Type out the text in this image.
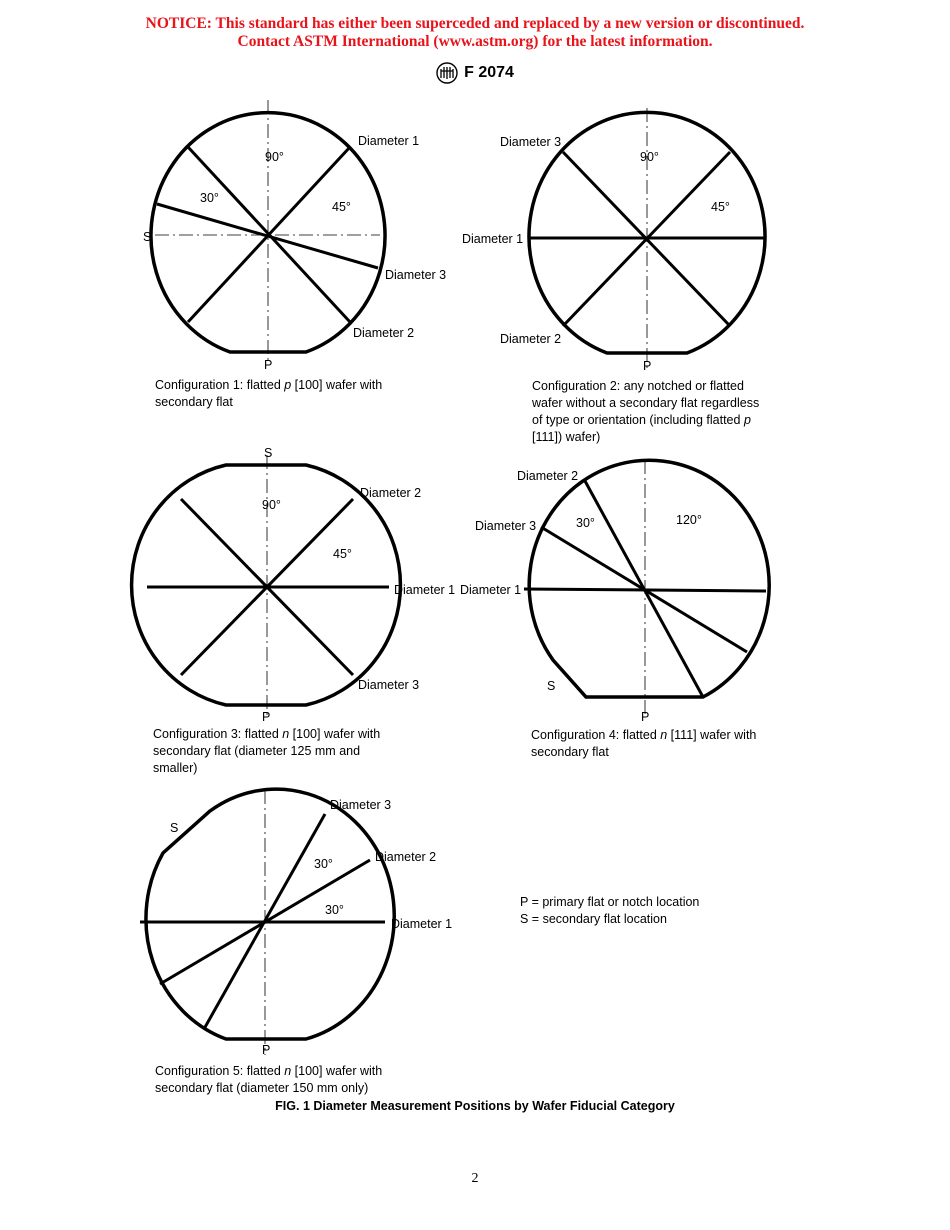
NOTICE: This standard has either been superceded and replaced by a new version or discontinued.
Contact ASTM International (www.astm.org) for the latest information.
F 2074
90°
45°
30°
Diameter 1
Diameter 3
Diameter 2
S
P
90°
45°
Diameter 3
Diameter 1
Diameter 2
P
S
90°
45°
Diameter 2
Diameter 1
Diameter 3
P
Diameter 2
Diameter 3
Diameter 1
30°	120°
S
P
Diameter 3
Diameter 2
Diameter 1
30°
30°
S
P
Configuration 1: flatted p [100] wafer with
secondary flat
Configuration 2: any notched or flatted
wafer without a secondary flat regardless
of type or orientation (including flatted p
[111]) wafer)
Configuration 3: flatted n [100] wafer with
secondary flat (diameter 125 mm and
smaller)
Configuration 4: flatted n [111] wafer with
secondary flat
P = primary flat or notch location
S = secondary flat location
Configuration 5: flatted n [100] wafer with
secondary flat (diameter 150 mm only)
FIG. 1 Diameter Measurement Positions by Wafer Fiducial Category
2
